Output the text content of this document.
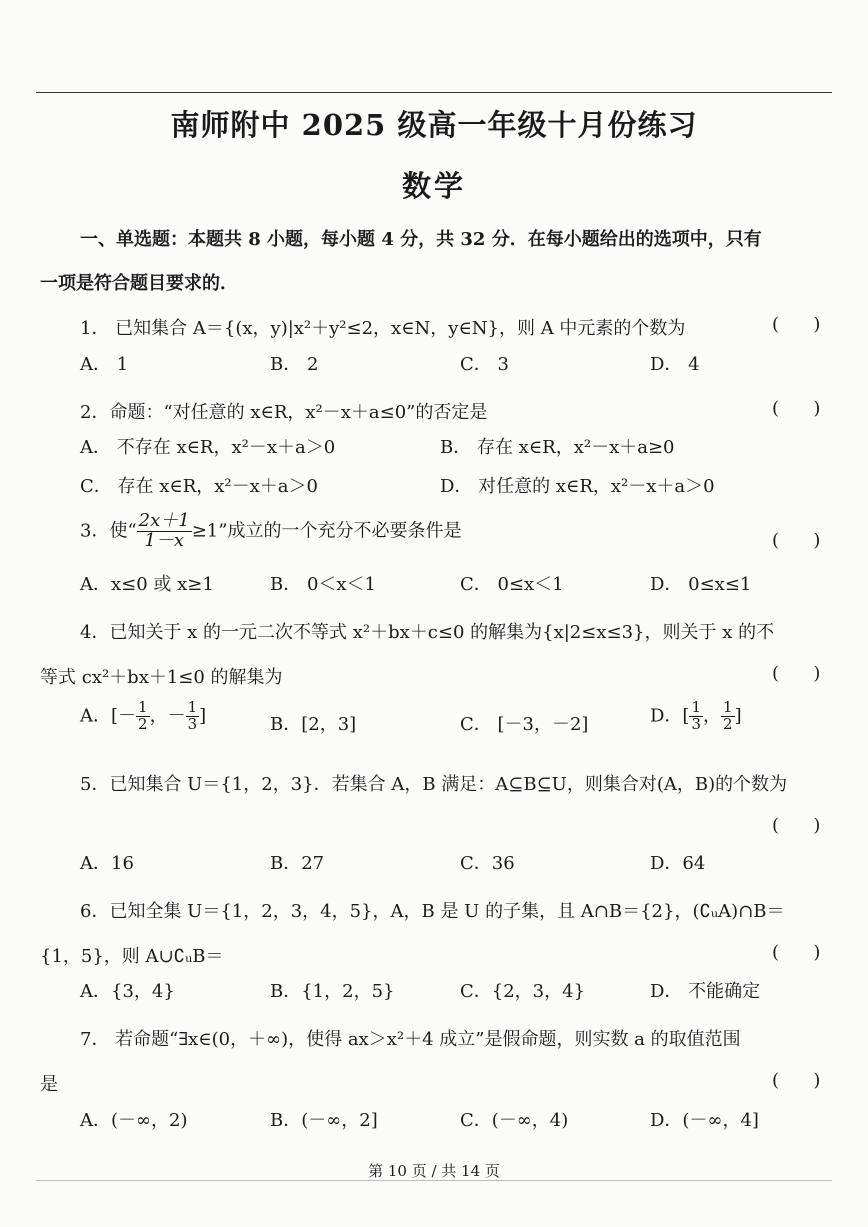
南师附中 2025 级高一年级十月份练习
数学
一、单选题：本题共 8 小题，每小题 4 分，共 32 分．在每小题给出的选项中，只有
一项是符合题目要求的．
1． 已知集合 A＝{(x，y)|x²＋y²≤2，x∈N，y∈N}，则 A 中元素的个数为	(      )
A． 1	B． 2	C． 3	D． 4
2．命题：“对任意的 x∈R，x²－x＋a≤0”的否定是	(      )
A． 不存在 x∈R，x²－x＋a＞0	B． 存在 x∈R，x²－x＋a≥0
C． 存在 x∈R，x²－x＋a＞0	D． 对任意的 x∈R，x²－x＋a＞0
3．使“ $\frac{2x+1}{1-x} \ge 1$”成立的一个充分不必要条件是	(      )
A．x≤0 或 x≥1	B． 0＜x＜1	C． 0≤x＜1	D． 0≤x≤1
4．已知关于 x 的一元二次不等式 x²＋bx＋c≤0 的解集为{x|2≤x≤3}，则关于 x 的不
等式 cx²＋bx＋1≤0 的解集为	(      )
A．[－ $\frac{1}{2}$ ，－ $\frac{1}{3}$ ]	B．[2，3]	C． [－3，－2]	D．[ $\frac{1}{3}$ ， $\frac{1}{2}$ ]
5．已知集合 U＝{1，2，3}．若集合 A，B 满足：A⊆B⊆U，则集合对(A，B)的个数为
(      )
A．16	B．27	C．36	D．64
6．已知全集 U＝{1，2，3，4，5}，A，B 是 U 的子集，且 A∩B＝{2}，(∁ᵤA)∩B＝
{1，5}，则 A∪∁ᵤB＝	(      )
A．{3，4}	B．{1，2，5}	C．{2，3，4}	D． 不能确定
7． 若命题“∃x∈(0，＋∞)，使得 ax＞x²＋4 成立”是假命题，则实数 a 的取值范围
是	(      )
A．(－∞，2)	B．(－∞，2]	C．(－∞，4)	D．(－∞，4]
第 10 页 / 共 14 页
